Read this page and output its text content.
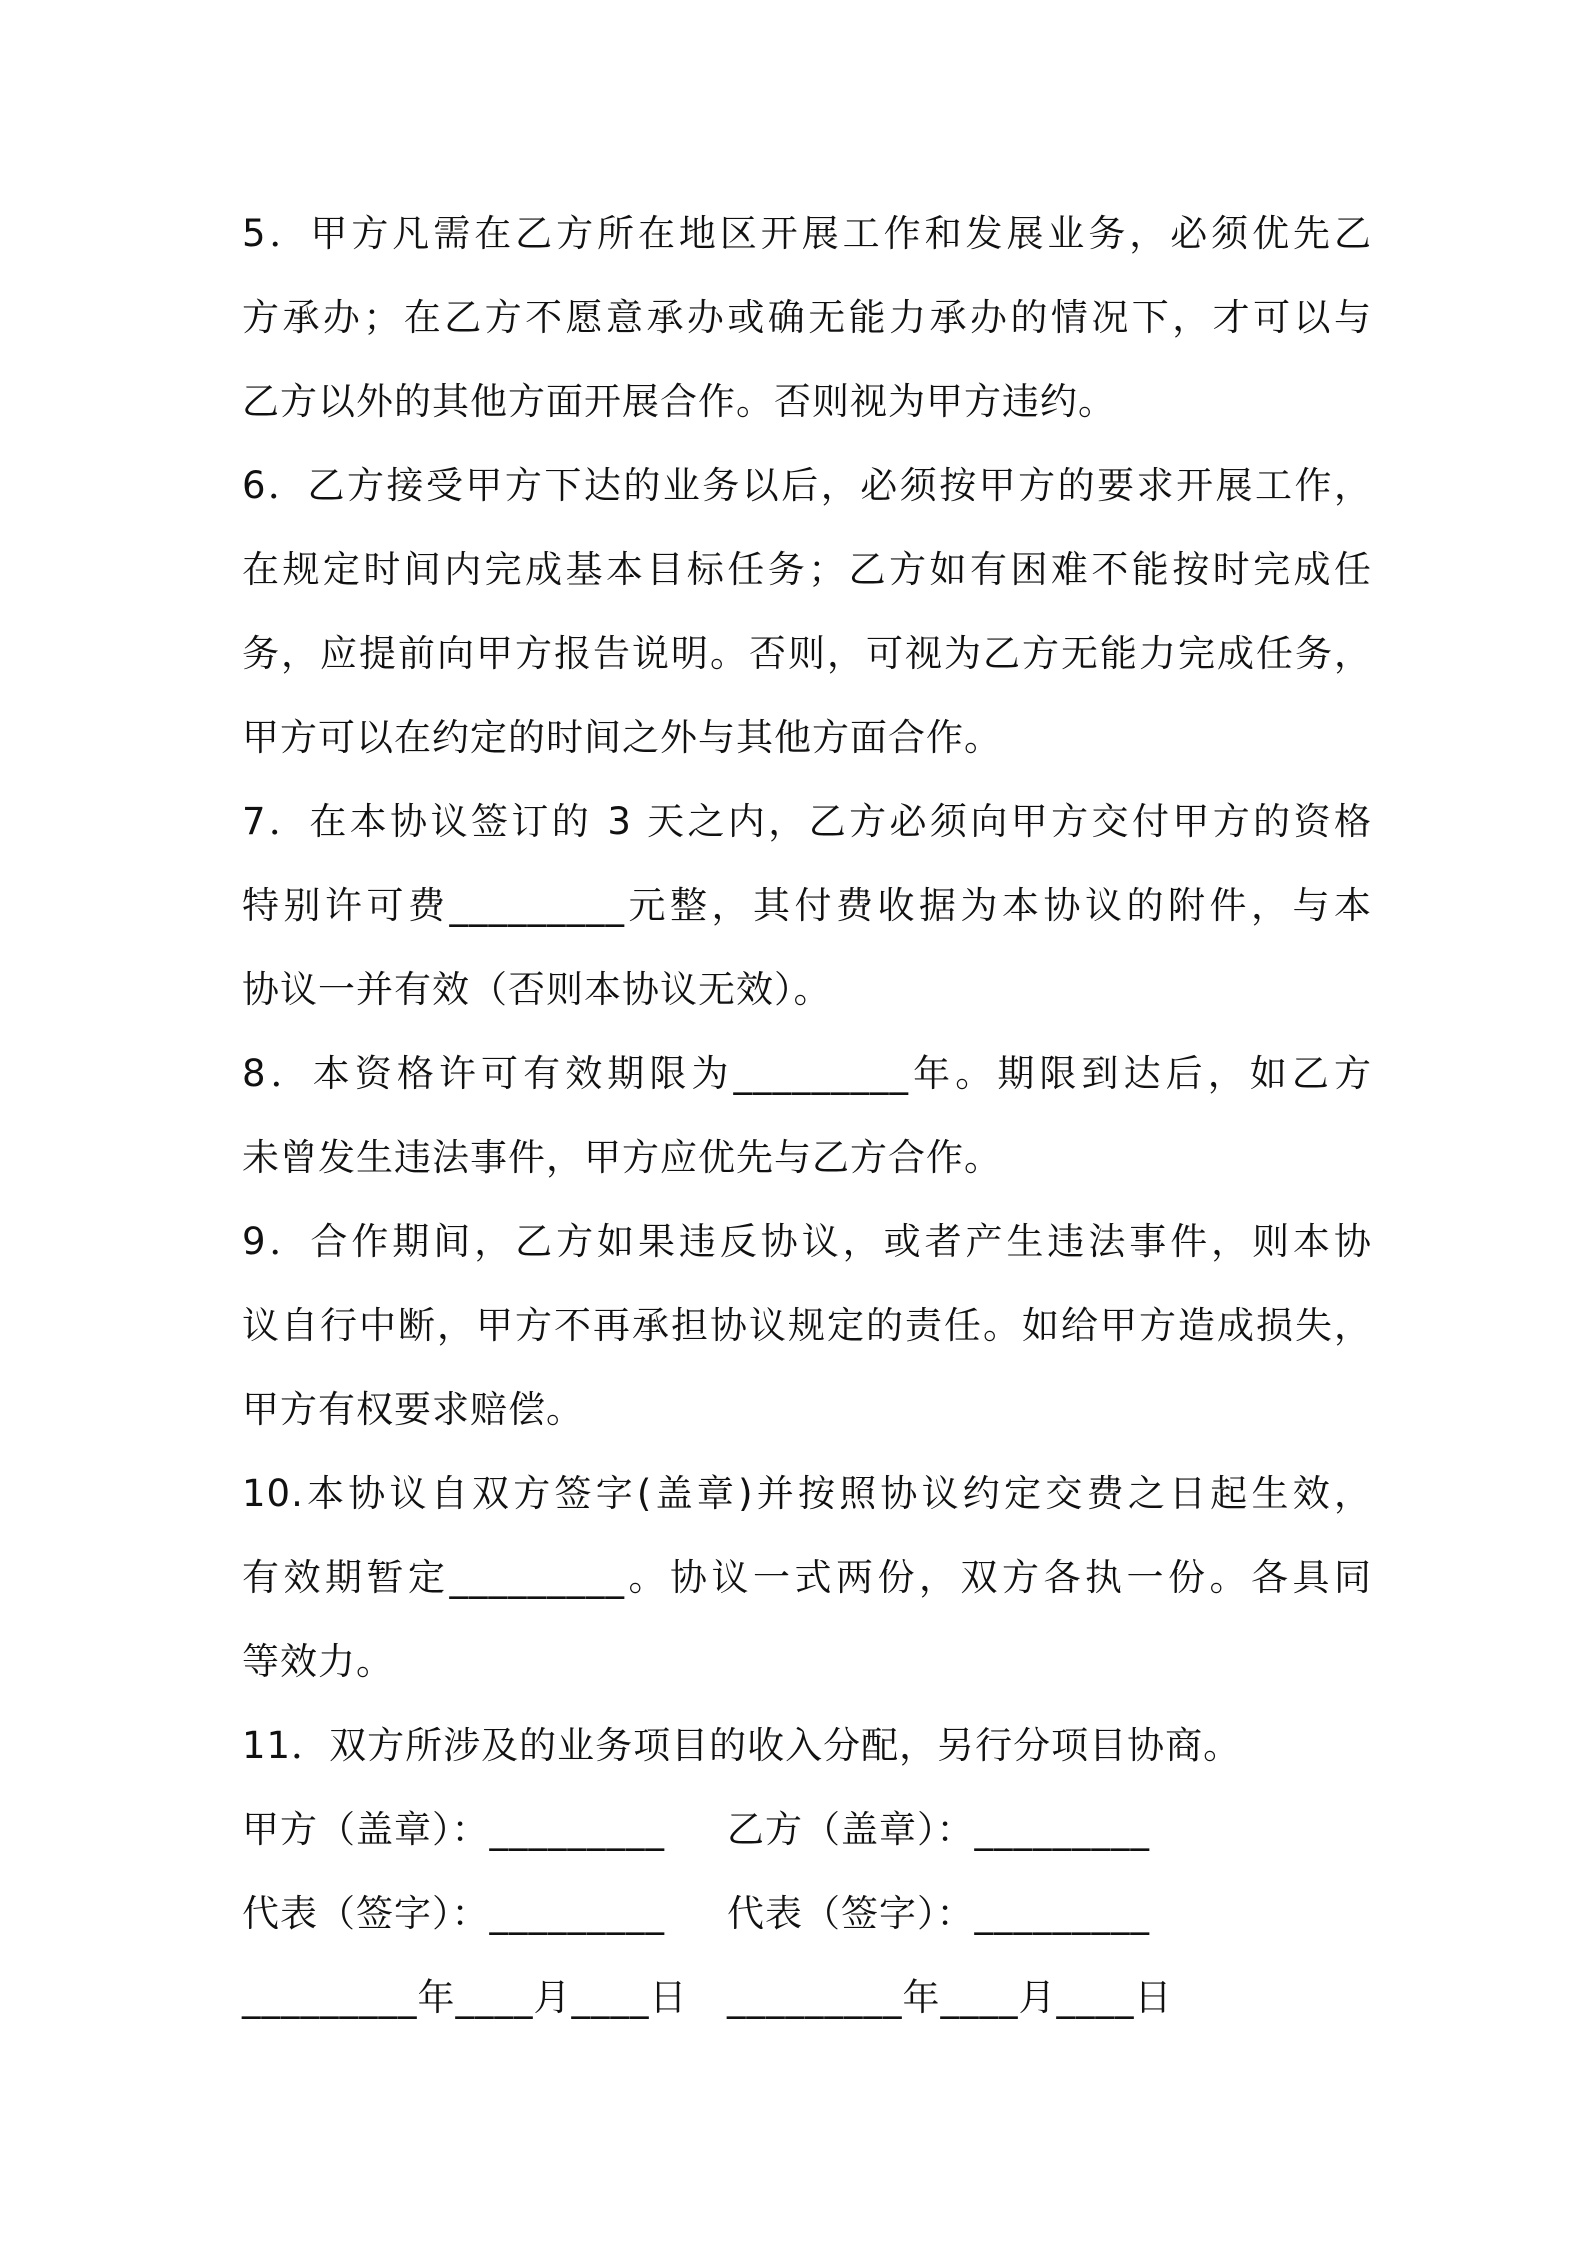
5．甲方凡需在乙方所在地区开展工作和发展业务，必须优先乙
方承办；在乙方不愿意承办或确无能力承办的情况下，才可以与
乙方以外的其他方面开展合作。否则视为甲方违约。
6．乙方接受甲方下达的业务以后，必须按甲方的要求开展工作，
在规定时间内完成基本目标任务；乙方如有困难不能按时完成任
务，应提前向甲方报告说明。否则，可视为乙方无能力完成任务，
甲方可以在约定的时间之外与其他方面合作。
7．在本协议签订的 3 天之内，乙方必须向甲方交付甲方的资格
特别许可费_________元整，其付费收据为本协议的附件，与本
协议一并有效（否则本协议无效）。
8．本资格许可有效期限为_________年。期限到达后，如乙方
未曾发生违法事件，甲方应优先与乙方合作。
9．合作期间，乙方如果违反协议，或者产生违法事件，则本协
议自行中断，甲方不再承担协议规定的责任。如给甲方造成损失，
甲方有权要求赔偿。
10.本协议自双方签字(盖章)并按照协议约定交费之日起生效，
有效期暂定_________。协议一式两份，双方各执一份。各具同
等效力。
11．双方所涉及的业务项目的收入分配，另行分项目协商。
甲方（盖章）：_________	乙方（盖章）：_________
代表（签字）：_________	代表（签字）：_________
_________年____月____日	_________年____月____日
